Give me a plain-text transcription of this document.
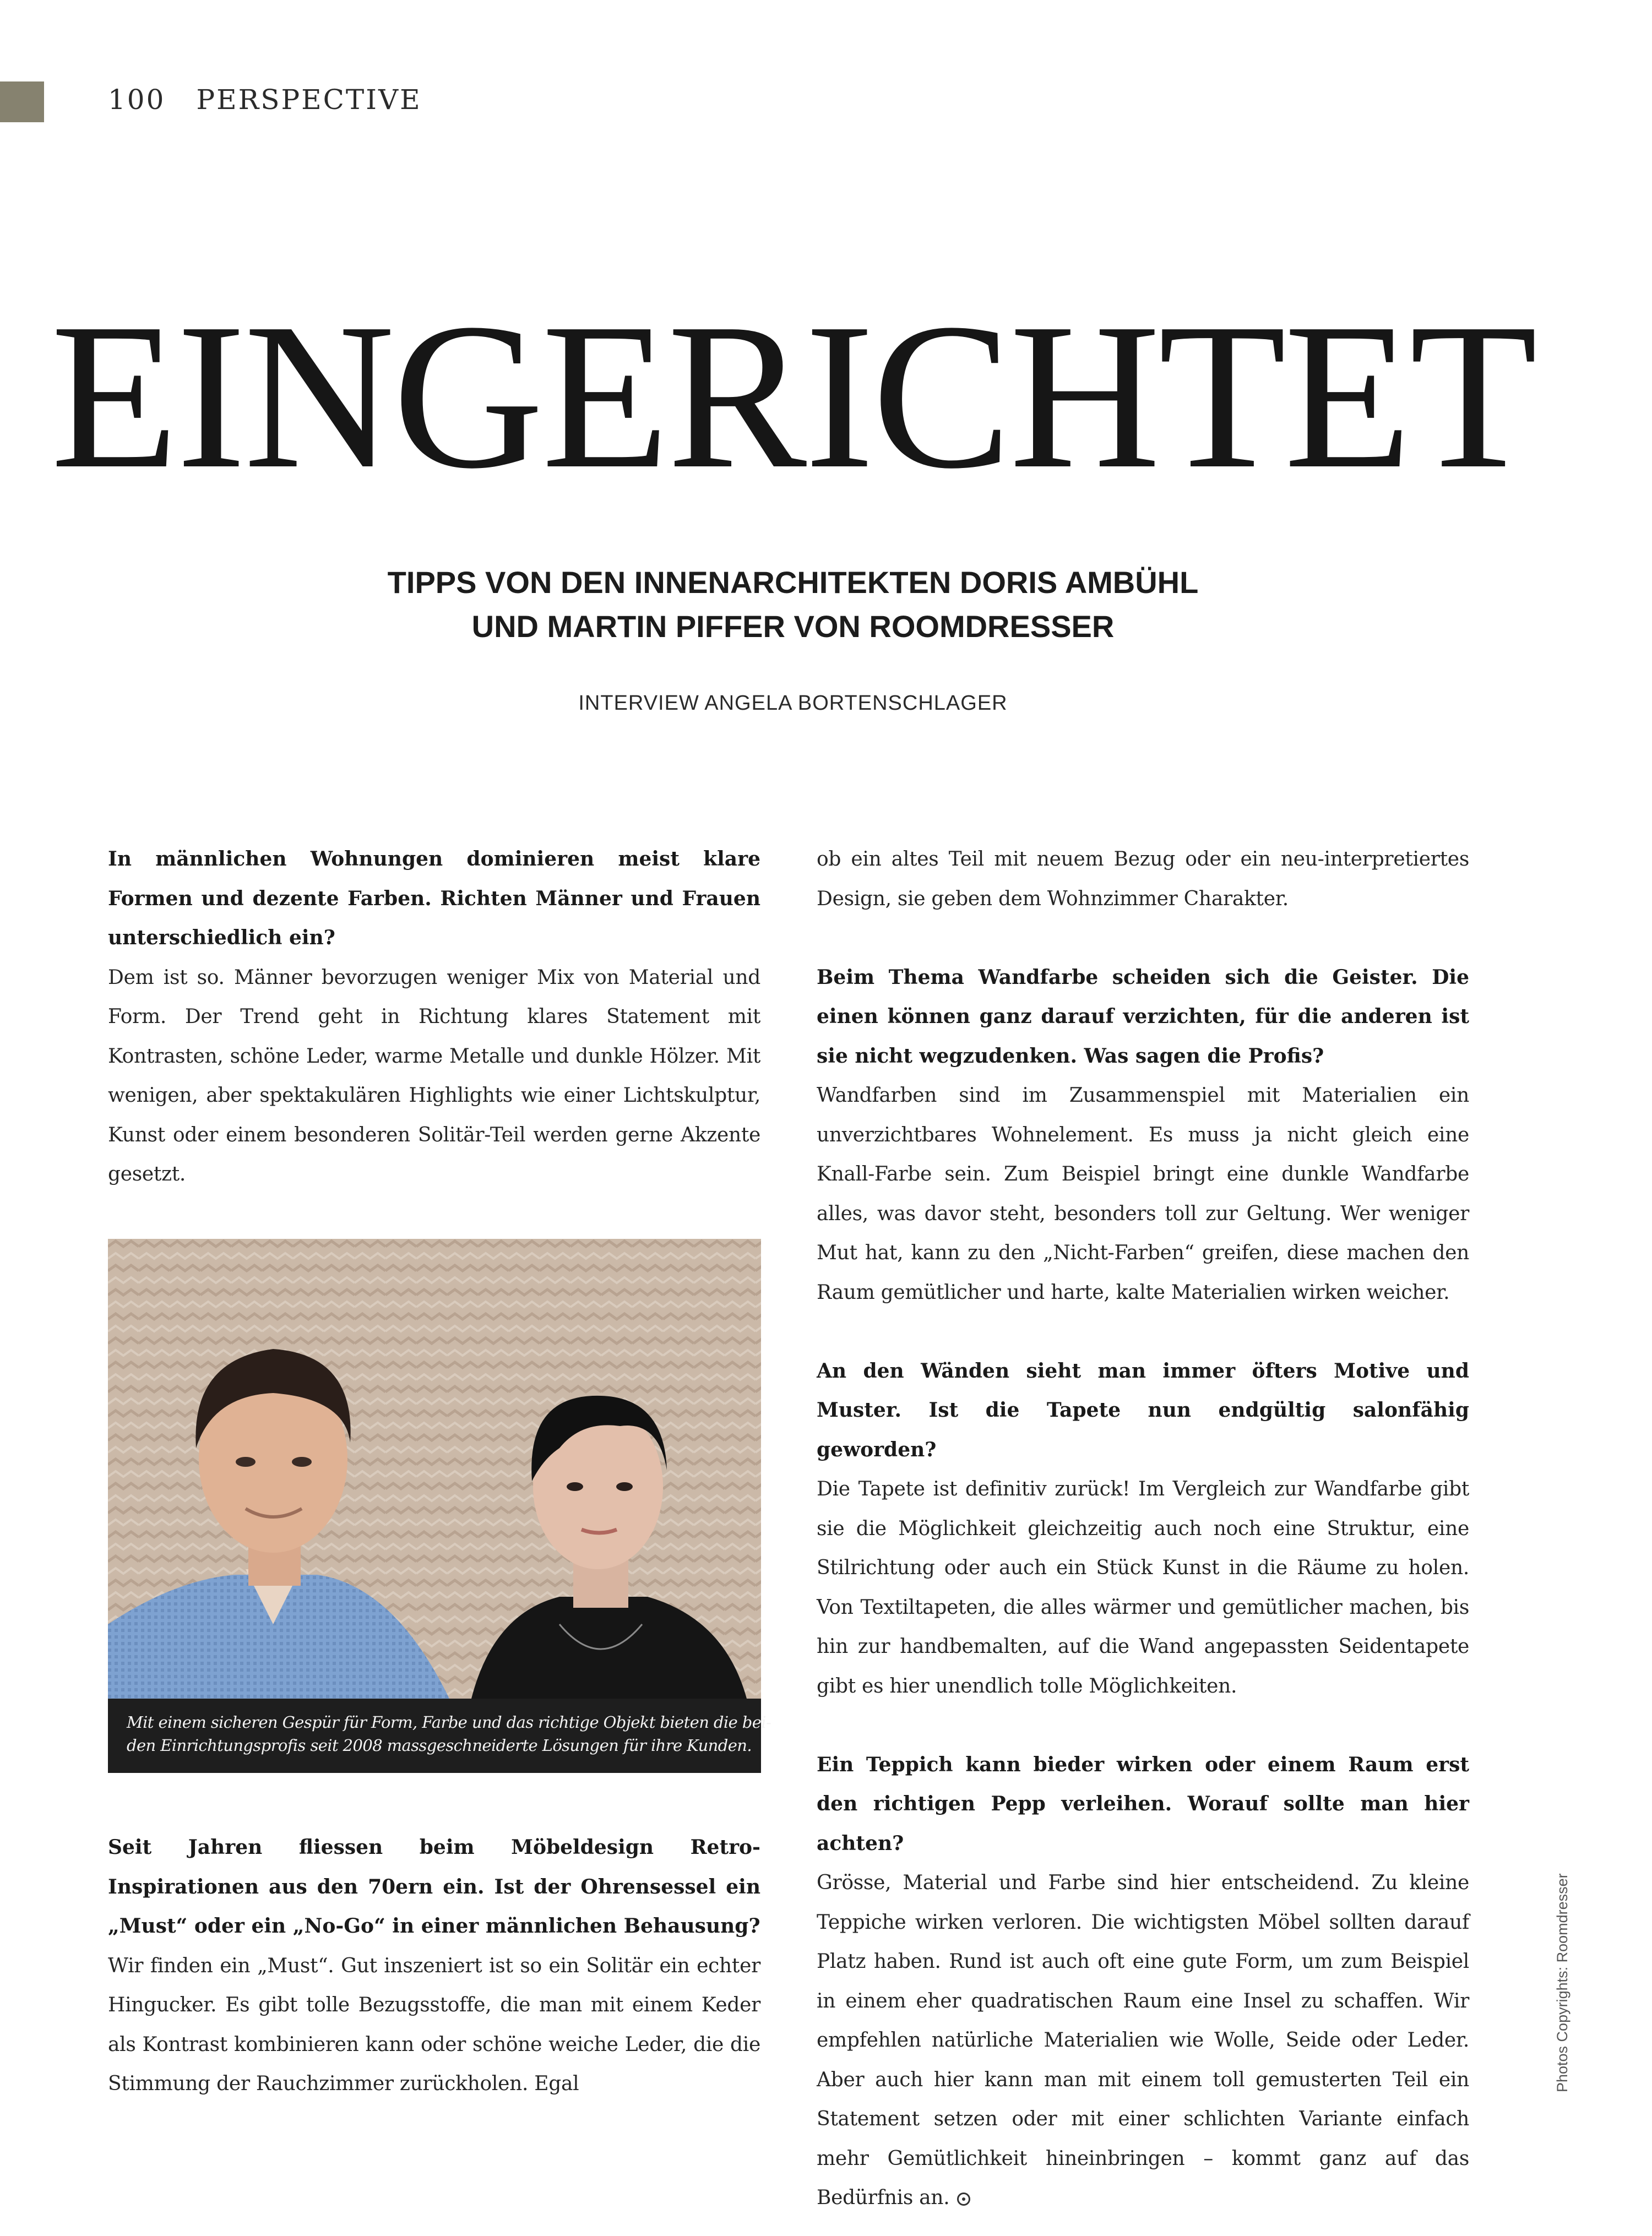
100 PERSPECTIVE
EINGERICHTET
TIPPS VON DEN INNENARCHITEKTEN DORIS AMBÜHL
UND MARTIN PIFFER VON ROOMDRESSER
INTERVIEW ANGELA BORTENSCHLAGER

In männlichen Wohnungen dominieren meist klare Formen und dezente Farben. Richten Männer und Frauen unterschiedlich ein?

Dem ist so. Männer bevorzugen weniger Mix von Material und Form. Der Trend geht in Richtung klares Statement mit Kontrasten, schöne Leder, warme Metalle und dunkle Hölzer. Mit wenigen, aber spektakulären Highlights wie einer Lichtskulptur, Kunst oder einem besonderen Solitär-Teil werden gerne Akzente gesetzt.

Mit einem sicheren Gespür für Form, Farbe und das richtige Objekt bieten die bei-
den Einrichtungsprofis seit 2008 massgeschneiderte Lösungen für ihre Kunden.

Seit Jahren fliessen beim Möbeldesign Retro-Inspirationen aus den 70ern ein. Ist der Ohrensessel ein „Must“ oder ein „No-Go“ in einer männlichen Behausung?

Wir finden ein „Must“. Gut inszeniert ist so ein Solitär ein echter Hingucker. Es gibt tolle Bezugsstoffe, die man mit einem Keder als Kontrast kombinieren kann oder schöne weiche Leder, die die Stimmung der Rauchzimmer zurückholen. Egal

ob ein altes Teil mit neuem Bezug oder ein neu-interpretiertes Design, sie geben dem Wohnzimmer Charakter.

Beim Thema Wandfarbe scheiden sich die Geister. Die einen können ganz darauf verzichten, für die anderen ist sie nicht wegzudenken. Was sagen die Profis?

Wandfarben sind im Zusammenspiel mit Materialien ein unverzichtbares Wohnelement. Es muss ja nicht gleich eine Knall-Farbe sein. Zum Beispiel bringt eine dunkle Wandfarbe alles, was davor steht, besonders toll zur Geltung. Wer weniger Mut hat, kann zu den „Nicht-Farben“ greifen, diese machen den Raum gemütlicher und harte, kalte Materialien wirken weicher.

An den Wänden sieht man immer öfters Motive und Muster. Ist die Tapete nun endgültig salonfähig geworden?

Die Tapete ist definitiv zurück! Im Vergleich zur Wandfarbe gibt sie die Möglichkeit gleichzeitig auch noch eine Struktur, eine Stilrichtung oder auch ein Stück Kunst in die Räume zu holen. Von Textiltapeten, die alles wärmer und gemütlicher machen, bis hin zur handbemalten, auf die Wand angepassten Seidentapete gibt es hier unendlich tolle Möglichkeiten.

Ein Teppich kann bieder wirken oder einem Raum erst den richtigen Pepp verleihen. Worauf sollte man hier achten?

Grösse, Material und Farbe sind hier entscheidend. Zu kleine Teppiche wirken verloren. Die wichtigsten Möbel sollten darauf Platz haben. Rund ist auch oft eine gute Form, um zum Beispiel in einem eher quadratischen Raum eine Insel zu schaffen. Wir empfehlen natürliche Materialien wie Wolle, Seide oder Leder. Aber auch hier kann man mit einem toll gemusterten Teil ein Statement setzen oder mit einer schlichten Variante einfach mehr Gemütlichkeit hineinbringen – kommt ganz auf das Bedürfnis an.

Photos Copyrights: Roomdresser
